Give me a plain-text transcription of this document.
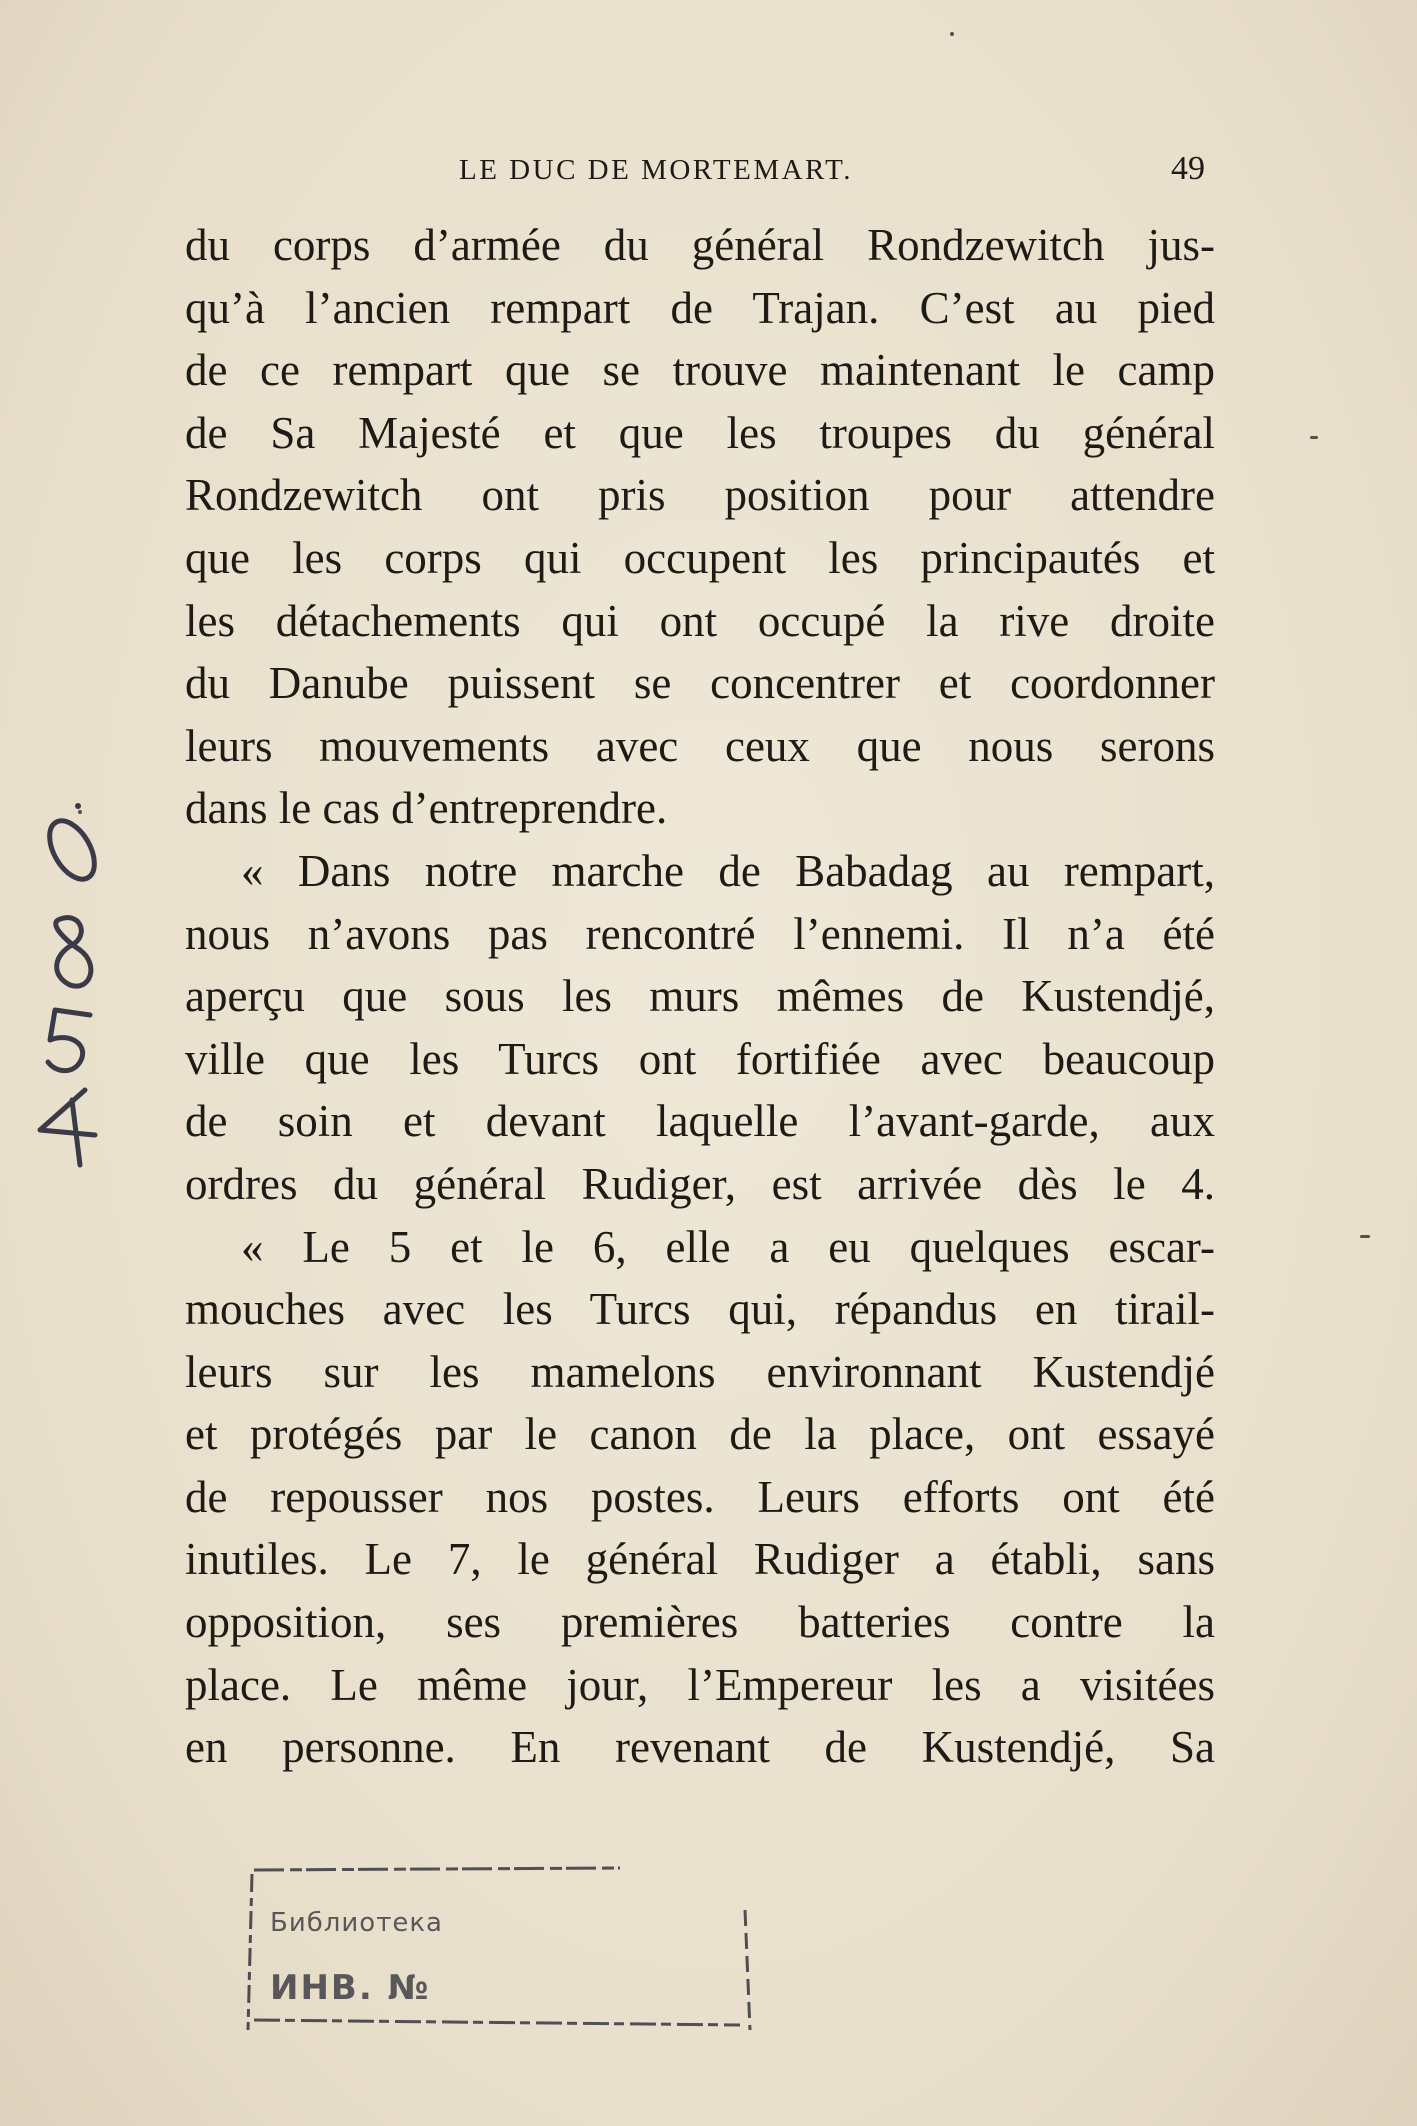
LE DUC DE MORTEMART.	49
du corps d’armée du général Rondzewitch jus-
qu’à l’ancien rempart de Trajan. C’est au pied
de ce rempart que se trouve maintenant le camp
de Sa Majesté et que les troupes du général
Rondzewitch ont pris position pour attendre
que les corps qui occupent les principautés et
les détachements qui ont occupé la rive droite
du Danube puissent se concentrer et coordonner
leurs mouvements avec ceux que nous serons
dans le cas d’entreprendre.
« Dans notre marche de Babadag au rempart,
nous n’avons pas rencontré l’ennemi. Il n’a été
aperçu que sous les murs mêmes de Kustendjé,
ville que les Turcs ont fortifiée avec beaucoup
de soin et devant laquelle l’avant-garde, aux
ordres du général Rudiger, est arrivée dès le 4.
« Le 5 et le 6, elle a eu quelques escar-
mouches avec les Turcs qui, répandus en tirail-
leurs sur les mamelons environnant Kustendjé
et protégés par le canon de la place, ont essayé
de repousser nos postes. Leurs efforts ont été
inutiles. Le 7, le général Rudiger a établi, sans
opposition, ses premières batteries contre la
place. Le même jour, l’Empereur les a visitées
en personne. En revenant de Kustendjé, Sa
Библиотека
ИНВ. №
